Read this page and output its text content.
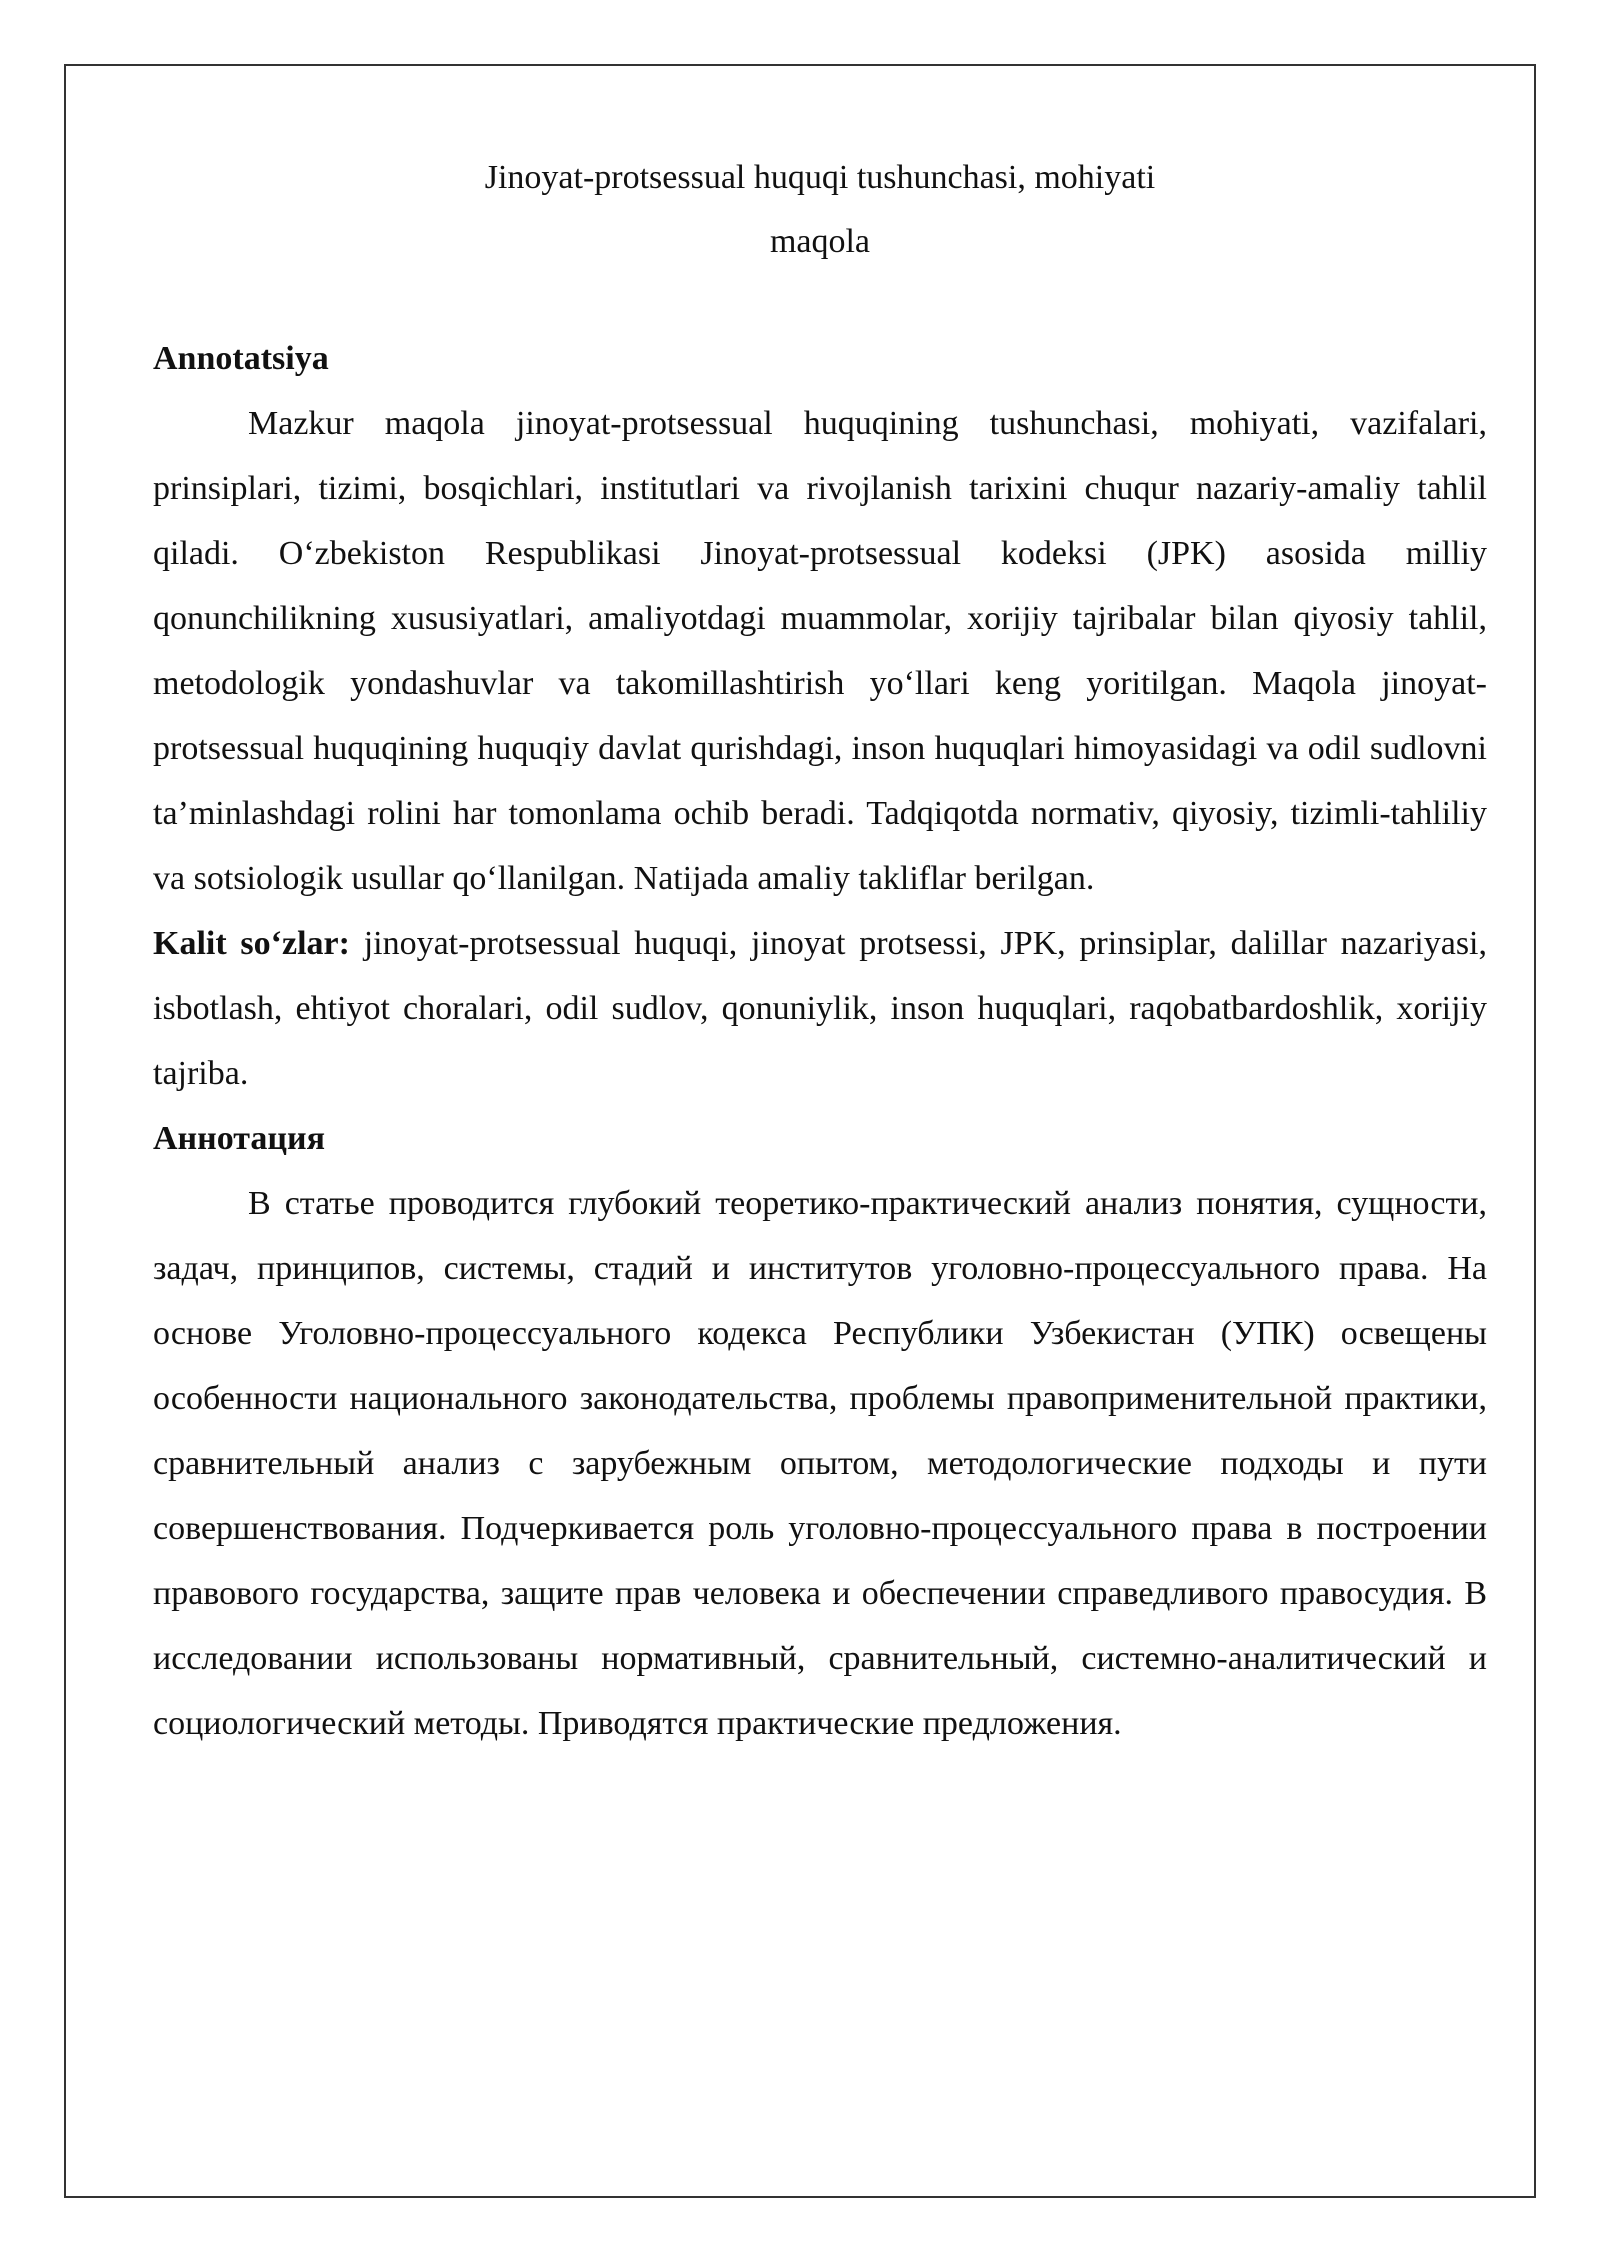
Jinoyat-protsessual huquqi tushunchasi, mohiyati
maqola

Annotatsiya

Mazkur maqola jinoyat-protsessual huquqining tushunchasi, mohiyati, vazifalari, prinsiplari, tizimi, bosqichlari, institutlari va rivojlanish tarixini chuqur nazariy-amaliy tahlil qiladi. O‘zbekiston Respublikasi Jinoyat-protsessual kodeksi (JPK) asosida milliy qonunchilikning xususiyatlari, amaliyotdagi muammolar, xorijiy tajribalar bilan qiyosiy tahlil, metodologik yondashuvlar va takomillashtirish yo‘llari keng yoritilgan. Maqola jinoyat-protsessual huquqining huquqiy davlat qurishdagi, inson huquqlari himoyasidagi va odil sudlovni ta’minlashdagi rolini har tomonlama ochib beradi. Tadqiqotda normativ, qiyosiy, tizimli-tahliliy va sotsiologik usullar qo‘llanilgan. Natijada amaliy takliflar berilgan.

Kalit so‘zlar: jinoyat-protsessual huquqi, jinoyat protsessi, JPK, prinsiplar, dalillar nazariyasi, isbotlash, ehtiyot choralari, odil sudlov, qonuniylik, inson huquqlari, raqobatbardoshlik, xorijiy tajriba.

Аннотация

В статье проводится глубокий теоретико-практический анализ понятия, сущности, задач, принципов, системы, стадий и институтов уголовно-процессуального права. На основе Уголовно-процессуального кодекса Республики Узбекистан (УПК) освещены особенности национального законодательства, проблемы правоприменительной практики, сравнительный анализ с зарубежным опытом, методологические подходы и пути совершенствования. Подчеркивается роль уголовно-процессуального права в построении правового государства, защите прав человека и обеспечении справедливого правосудия. В исследовании использованы нормативный, сравнительный, системно-аналитический и социологический методы. Приводятся практические предложения.
